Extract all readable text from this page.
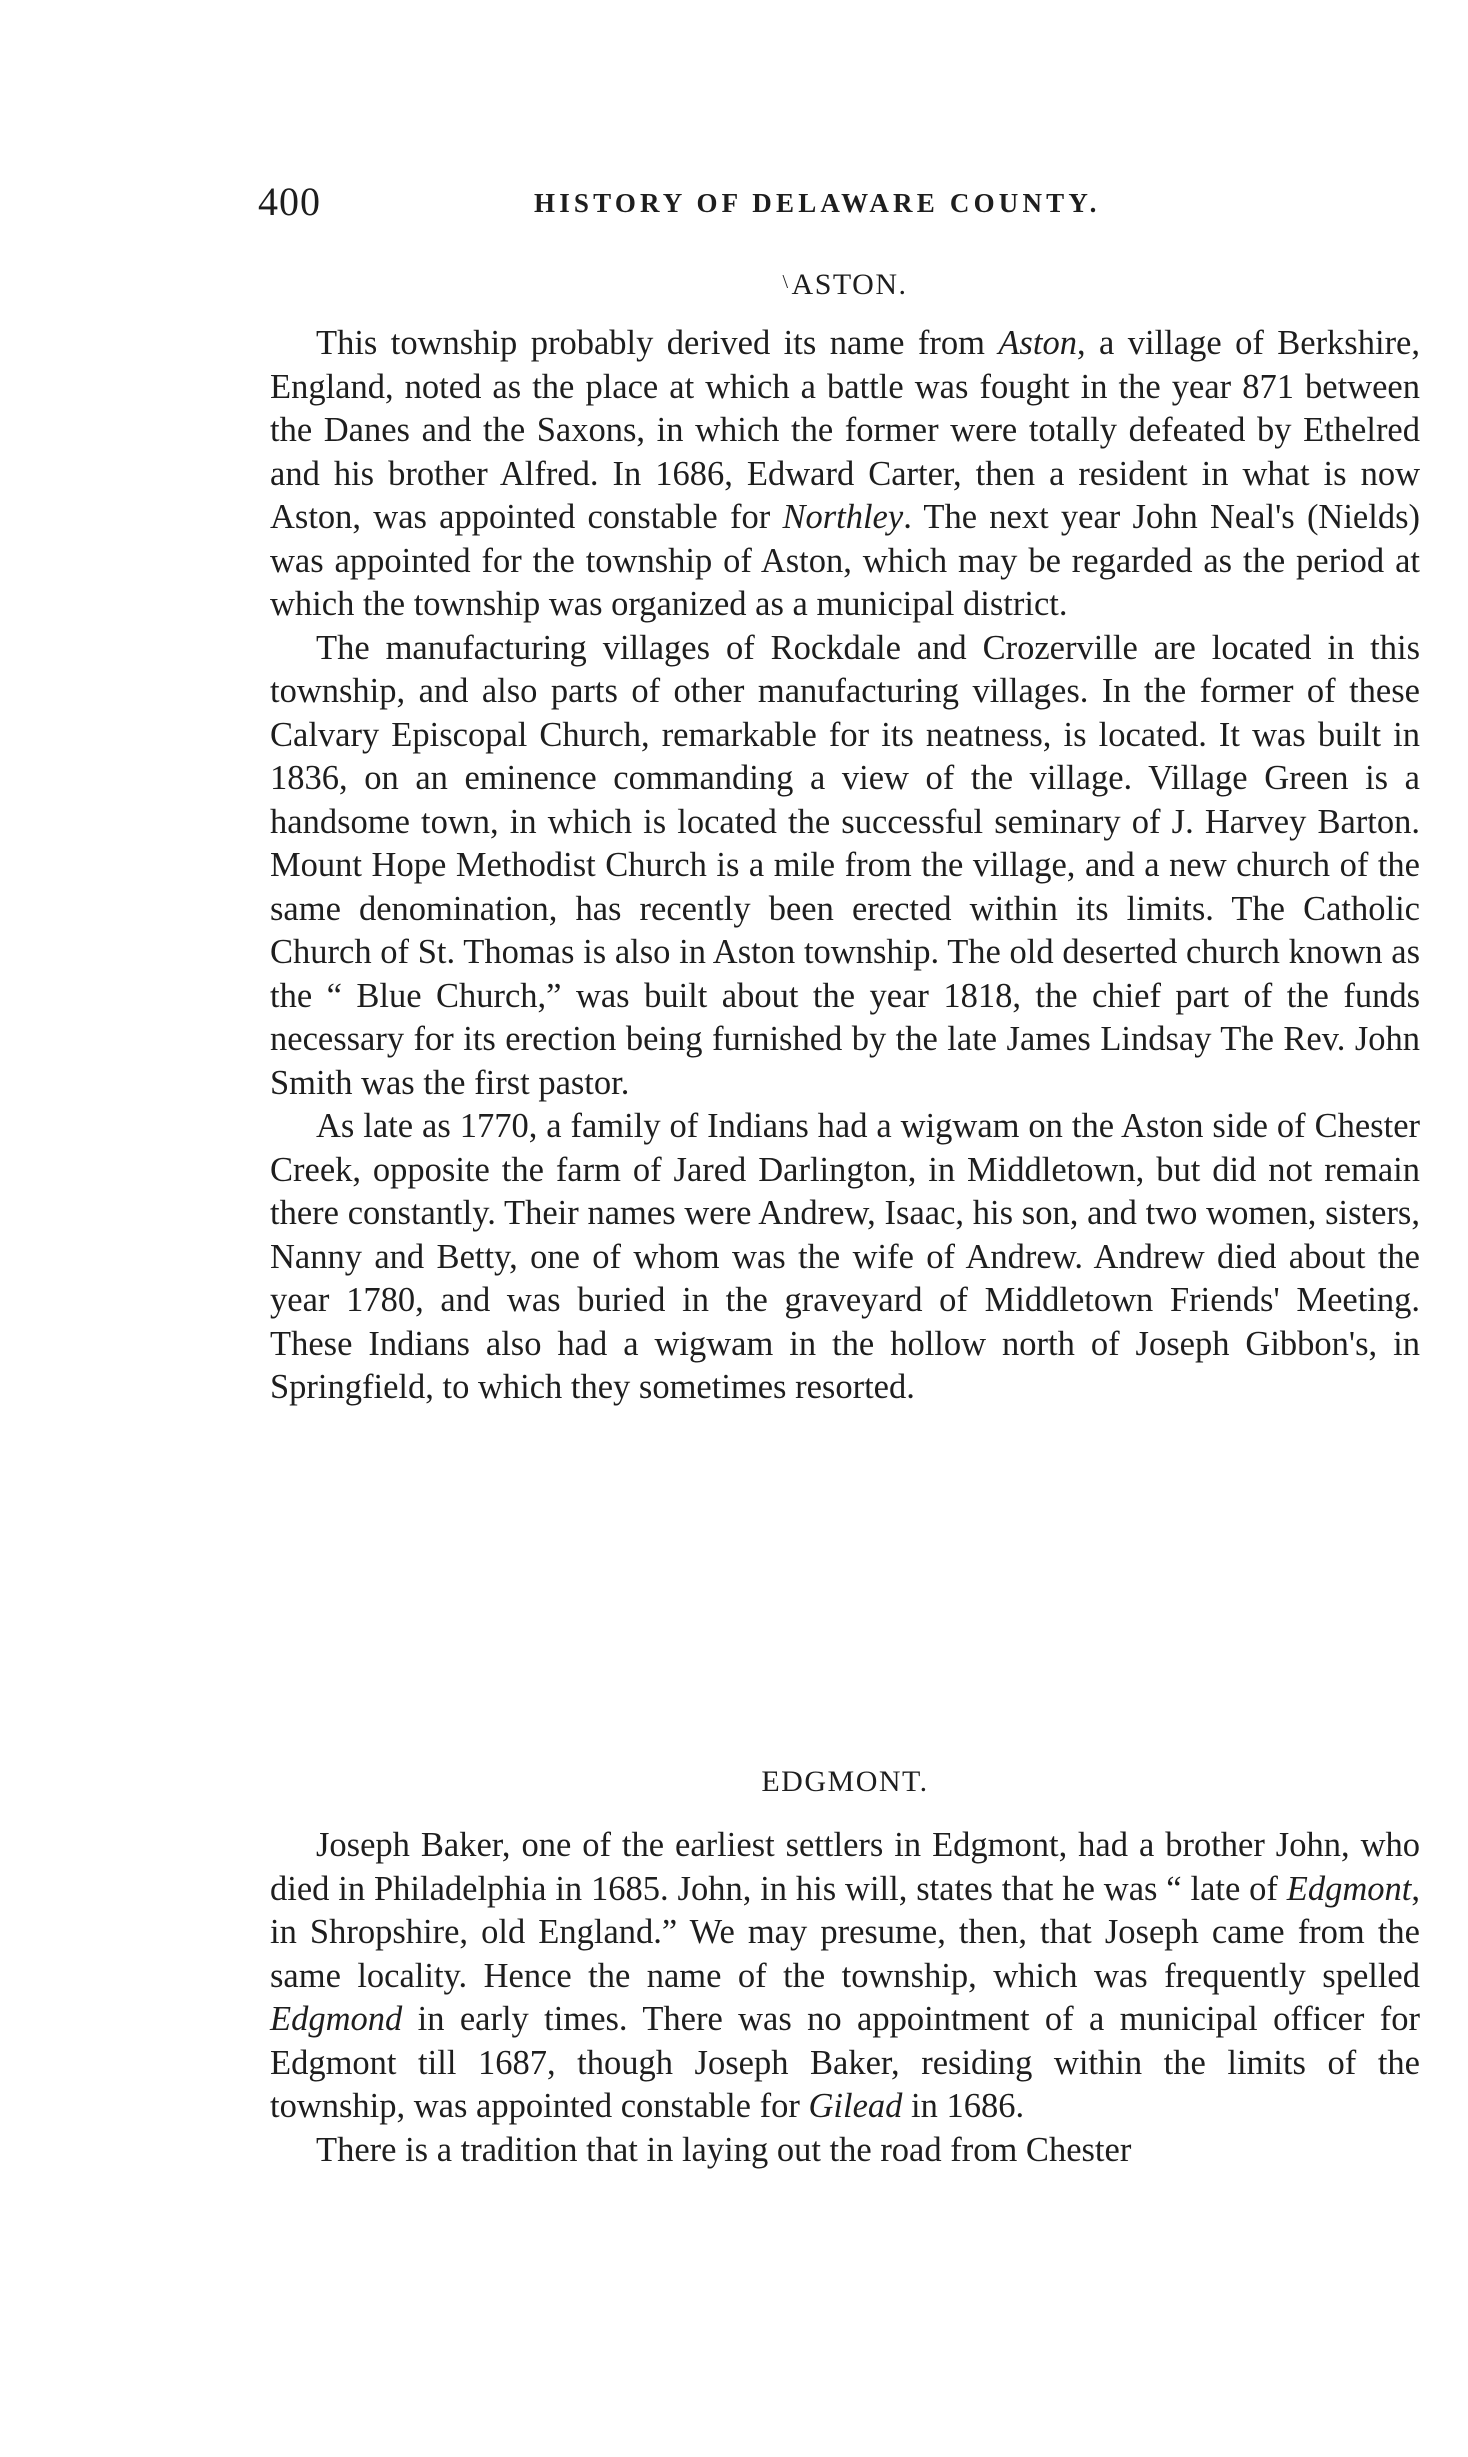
400	HISTORY OF DELAWARE COUNTY.
\ASTON.

This township probably derived its name from Aston, a village of Berkshire, England, noted as the place at which a battle was fought in the year 871 between the Danes and the Saxons, in which the former were totally defeated by Ethelred and his brother Alfred. In 1686, Edward Carter, then a resident in what is now Aston, was appointed constable for Northley. The next year John Neal's (Nields) was appointed for the township of Aston, which may be regarded as the period at which the township was organized as a municipal district.

The manufacturing villages of Rockdale and Crozerville are located in this township, and also parts of other manufacturing villages. In the former of these Calvary Episcopal Church, remarkable for its neatness, is located. It was built in 1836, on an eminence commanding a view of the village. Village Green is a handsome town, in which is located the successful seminary of J. Harvey Barton. Mount Hope Methodist Church is a mile from the village, and a new church of the same denomination, has recently been erected within its limits. The Catholic Church of St. Thomas is also in Aston township. The old deserted church known as the “ Blue Church,” was built about the year 1818, the chief part of the funds necessary for its erection being furnished by the late James Lindsay The Rev. John Smith was the first pastor.

As late as 1770, a family of Indians had a wigwam on the Aston side of Chester Creek, opposite the farm of Jared Darlington, in Middletown, but did not remain there constantly. Their names were Andrew, Isaac, his son, and two women, sisters, Nanny and Betty, one of whom was the wife of Andrew. Andrew died about the year 1780, and was buried in the graveyard of Middletown Friends' Meeting. These Indians also had a wigwam in the hollow north of Joseph Gibbon's, in Springfield, to which they sometimes resorted.

EDGMONT.

Joseph Baker, one of the earliest settlers in Edgmont, had a brother John, who died in Philadelphia in 1685. John, in his will, states that he was “ late of Edgmont, in Shropshire, old England.” We may presume, then, that Joseph came from the same locality. Hence the name of the township, which was frequently spelled Edgmond in early times. There was no appointment of a municipal officer for Edgmont till 1687, though Joseph Baker, residing within the limits of the township, was appointed constable for Gilead in 1686.

There is a tradition that in laying out the road from Chester
